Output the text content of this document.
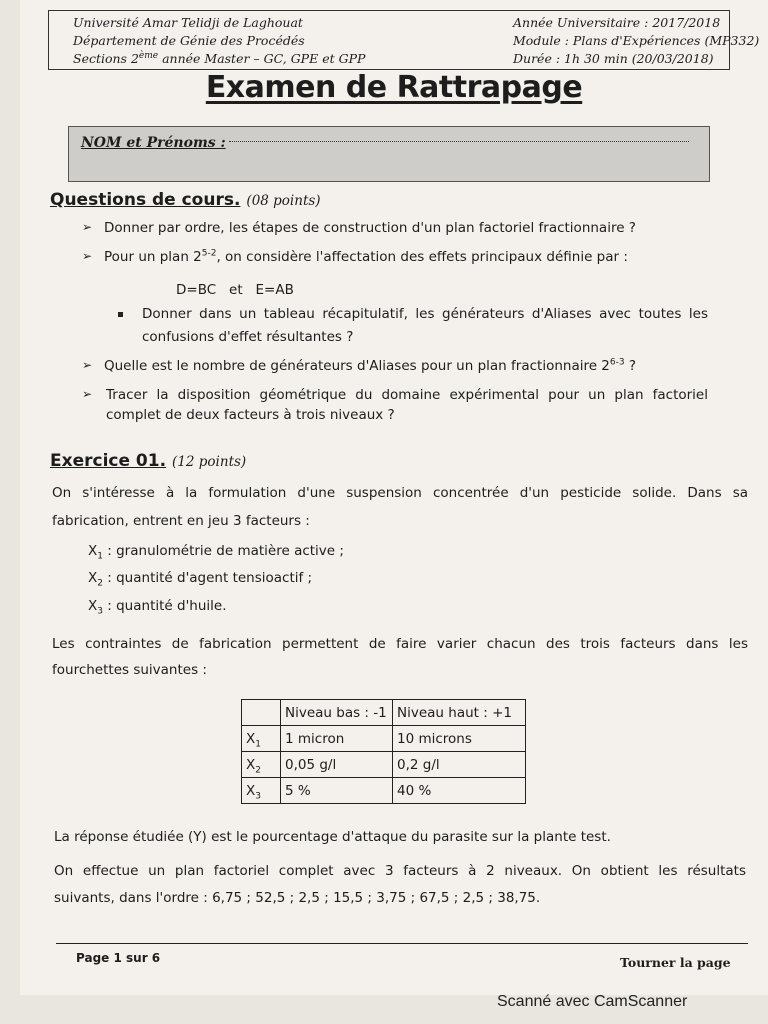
Université Amar Telidji de Laghouat
Département de Génie des Procédés
Sections 2ème année Master – GC, GPE et GPP
Année Universitaire : 2017/2018
Module : Plans d'Expériences (MP332)
Durée : 1h 30 min (20/03/2018)
Examen de Rattrapage
NOM et Prénoms :
Questions de cours. (08 points)
➢ Donner par ordre, les étapes de construction d'un plan factoriel fractionnaire ?
➢ Pour un plan 2$^{5-2}$, on considère l'affectation des effets principaux définie par :
D=BC   et   E=AB
Donner dans un tableau récapitulatif, les générateurs d'Aliases avec toutes les
confusions d'effet résultantes ?
➢ Quelle est le nombre de générateurs d'Aliases pour un plan fractionnaire 2$^{6-3}$ ?
➢ Tracer la disposition géométrique du domaine expérimental pour un plan factoriel
complet de deux facteurs à trois niveaux ?
Exercice 01. (12 points)
On s'intéresse à la formulation d'une suspension concentrée d'un pesticide solide. Dans sa
fabrication, entrent en jeu 3 facteurs :
$X_1$ : granulométrie de matière active ;
$X_2$ : quantité d'agent tensioactif ;
$X_3$ : quantité d'huile.
Les contraintes de fabrication permettent de faire varier chacun des trois facteurs dans les
fourchettes suivantes :
	Niveau bas : -1	Niveau haut : +1
$X_1$	1 micron	10 microns
$X_2$	0,05 g/l	0,2 g/l
$X_3$	5 %	40 %
La réponse étudiée (Y) est le pourcentage d'attaque du parasite sur la plante test.
On effectue un plan factoriel complet avec 3 facteurs à 2 niveaux. On obtient les résultats
suivants, dans l'ordre : 6,75 ; 52,5 ; 2,5 ; 15,5 ; 3,75 ; 67,5 ; 2,5 ; 38,75.
Page 1 sur 6	Tourner la page
Scanné avec CamScanner
